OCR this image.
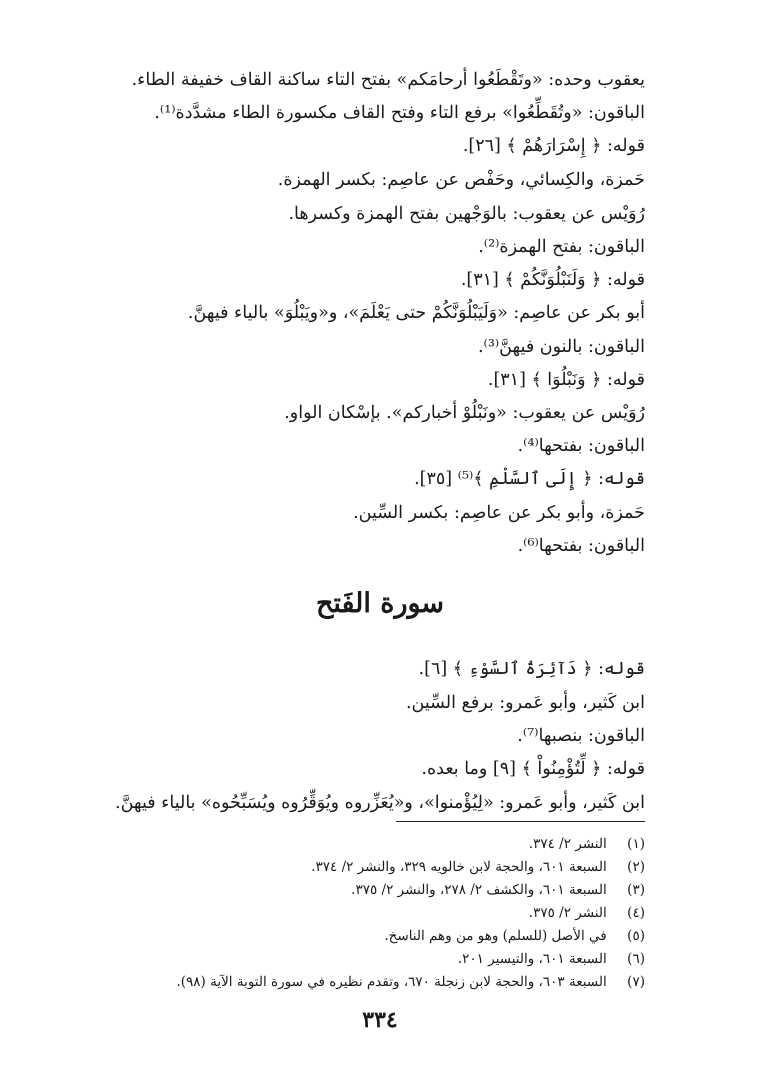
يعقوب وحده: «وتَقْطَعُوا أرحامَكم» بفتح التاء ساكنة القاف خفيفة الطاء.
الباقون: «وتُقَطِّعُوا» برفع التاء وفتح القاف مكسورة الطاء مشدَّدة⁽¹⁾.
قوله: ﴿ إِسْرَارَهُمْ ﴾ [٢٦].
حَمزة، والكِسائي، وحَفْص عن عاصِم: بكسر الهمزة.
رُوَيْس عن يعقوب: بالوَجْهين بفتح الهمزة وكسرها.
الباقون: بفتح الهمزة⁽²⁾.
قوله: ﴿ وَلَنَبْلُوَنَّكُمْ ﴾ [٣١].
أبو بكر عن عاصِم: «وَلَيَبْلُوَنَّكُمْ حتى يَعْلَمَ»، و«ويَبْلُوَ» بالياء فيهنَّ.
الباقون: بالنون فيهنَّ⁽³⁾.
قوله: ﴿ وَنَبْلُوَا ﴾ [٣١].
رُوَيْس عن يعقوب: «ونَبْلُوْ أخباركم». بإسْكان الواو.
الباقون: بفتحها⁽⁴⁾.
قوله: ﴿ إِلَى ٱلسَّلْمِ ﴾⁽⁵⁾ [٣٥].
حَمزة، وأبو بكر عن عاصِم: بكسر السِّين.
الباقون: بفتحها⁽⁶⁾.
سورة الفَتح
قوله: ﴿ دَآئِرَةُ ٱلسَّوْءِ ﴾ [٦].
ابن كَثير، وأبو عَمرو: برفع السِّين.
الباقون: بنصبها⁽⁷⁾.
قوله: ﴿ لِّتُؤْمِنُواْ ﴾ [٩] وما بعده.
ابن كَثير، وأبو عَمرو: «لِيُؤْمنوا»، و«يُعَزِّروه ويُوَقِّرُوه ويُسَبِّحُوه» بالياء فيهنَّ.
(١) النشر ٢/ ٣٧٤.
(٢) السبعة ٦٠١، والحجة لابن خالويه ٣٢٩، والنشر ٢/ ٣٧٤.
(٣) السبعة ٦٠١، والكشف ٢/ ٢٧٨، والنشر ٢/ ٣٧٥.
(٤) النشر ٢/ ٣٧٥.
(٥) في الأصل (للسلم) وهو من وهم الناسخ.
(٦) السبعة ٦٠١، والتيسير ٢٠١.
(٧) السبعة ٦٠٣، والحجة لابن زنجلة ٦٧٠، وتقدم نظيره في سورة التوبة الآية (٩٨).
٣٣٤
